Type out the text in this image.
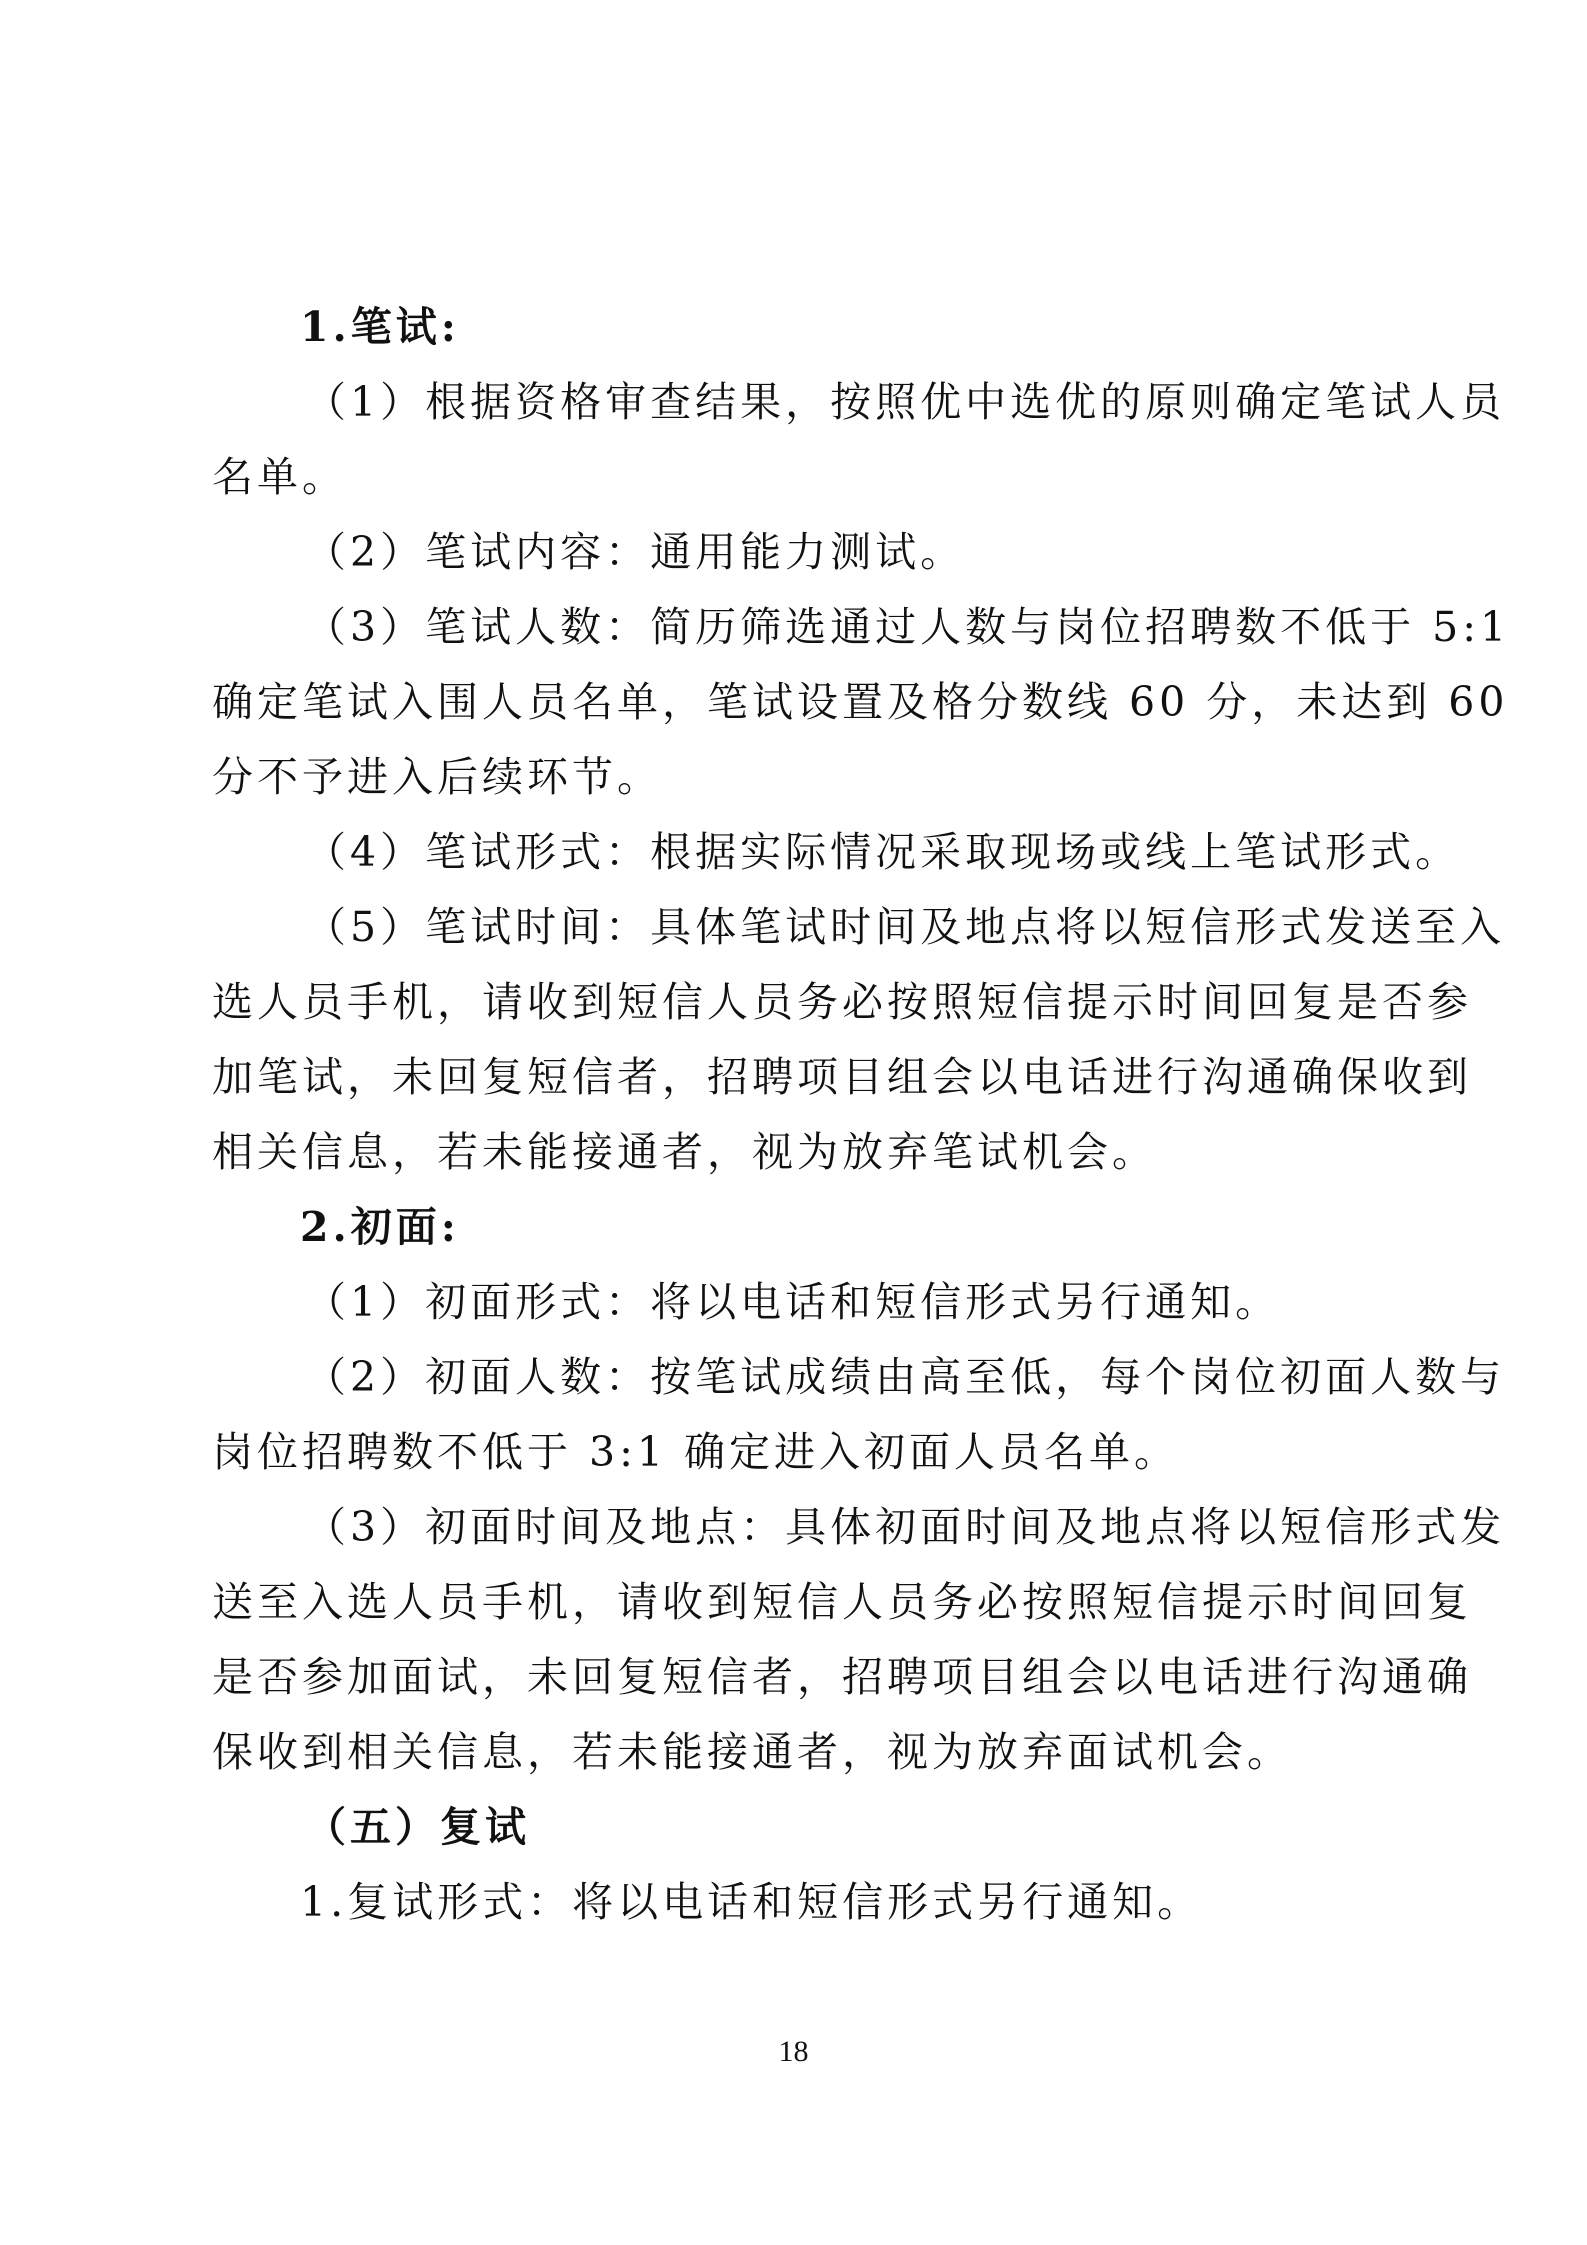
1.笔试:
（1）根据资格审查结果，按照优中选优的原则确定笔试人员
名单。
（2）笔试内容：通用能力测试。
（3）笔试人数：简历筛选通过人数与岗位招聘数不低于 5:1
确定笔试入围人员名单，笔试设置及格分数线 60 分，未达到 60
分不予进入后续环节。
（4）笔试形式：根据实际情况采取现场或线上笔试形式。
（5）笔试时间：具体笔试时间及地点将以短信形式发送至入
选人员手机，请收到短信人员务必按照短信提示时间回复是否参
加笔试，未回复短信者，招聘项目组会以电话进行沟通确保收到
相关信息，若未能接通者，视为放弃笔试机会。
2.初面:
（1）初面形式：将以电话和短信形式另行通知。
（2）初面人数：按笔试成绩由高至低，每个岗位初面人数与
岗位招聘数不低于 3:1 确定进入初面人员名单。
（3）初面时间及地点：具体初面时间及地点将以短信形式发
送至入选人员手机，请收到短信人员务必按照短信提示时间回复
是否参加面试，未回复短信者，招聘项目组会以电话进行沟通确
保收到相关信息，若未能接通者，视为放弃面试机会。
（五）复试
1.复试形式：将以电话和短信形式另行通知。
18
